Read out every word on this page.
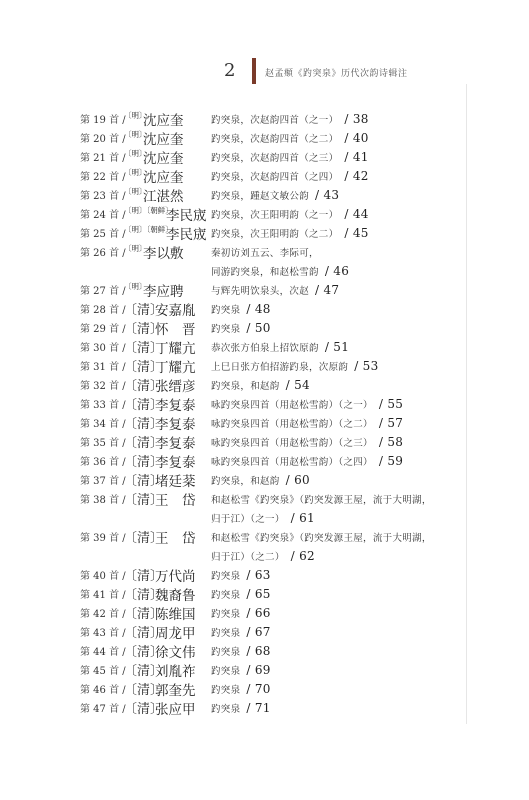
2	赵孟頫《趵突泉》历代次韵诗辑注
第 19 首 /
〔明〕
沈应奎	趵突泉，次赵韵四首（之一） / 38
第 20 首 /
〔明〕
沈应奎	趵突泉，次赵韵四首（之二） / 40
第 21 首 /
〔明〕
沈应奎	趵突泉，次赵韵四首（之三） / 41
第 22 首 /
〔明〕
沈应奎	趵突泉，次赵韵四首（之四） / 42
第 23 首 /
〔明〕
江湛然	趵突泉，踵赵文敏公韵 / 43
第 24 首 /
〔明〕〔朝鲜〕
李民宬 趵突泉，次王阳明韵（之一） / 44
第 25 首 /
〔明〕〔朝鲜〕
李民宬 趵突泉，次王阳明韵（之二） / 45
第 26 首 /
〔明〕
李以敷	秦初访刘五云、李际可，
同游趵突泉，和赵松雪韵 / 46
第 27 首 /
〔明〕
李应聘	与辉先明饮泉头，次赵 / 47
第 28 首 /
〔清〕
安嘉胤 趵突泉 / 48
第 29 首 /
〔清〕
怀　晋 趵突泉 / 50
第 30 首 /
〔清〕
丁耀亢 恭次张方伯泉上招饮原韵 / 51
第 31 首 /
〔清〕
丁耀亢 上巳日张方伯招游趵泉，次原韵 / 53
第 32 首 /
〔清〕
张缙彦 趵突泉，和赵韵 / 54
第 33 首 /
〔清〕
李复泰 咏趵突泉四首（用赵松雪韵）（之一） / 55
第 34 首 /
〔清〕
李复泰 咏趵突泉四首（用赵松雪韵）（之二） / 57
第 35 首 /
〔清〕
李复泰 咏趵突泉四首（用赵松雪韵）（之三） / 58
第 36 首 /
〔清〕
李复泰 咏趵突泉四首（用赵松雪韵）（之四） / 59
第 37 首 /
〔清〕
堵廷棻 趵突泉，和赵韵 / 60
第 38 首 /
〔清〕
王　岱 和赵松雪《趵突泉》（趵突发源王屋，流于大明湖，
归于江）（之一） / 61
第 39 首 /
〔清〕
王　岱 和赵松雪《趵突泉》（趵突发源王屋，流于大明湖，
归于江）（之二） / 62
第 40 首 /
〔清〕
万代尚 趵突泉 / 63
第 41 首 /
〔清〕
魏裔鲁 趵突泉 / 65
第 42 首 /
〔清〕
陈维国 趵突泉 / 66
第 43 首 /
〔清〕
周龙甲 趵突泉 / 67
第 44 首 /
〔清〕
徐文伟 趵突泉 / 68
第 45 首 /
〔清〕
刘胤祚 趵突泉 / 69
第 46 首 /
〔清〕
郭奎先 趵突泉 / 70
第 47 首 /
〔清〕
张应甲 趵突泉 / 71
